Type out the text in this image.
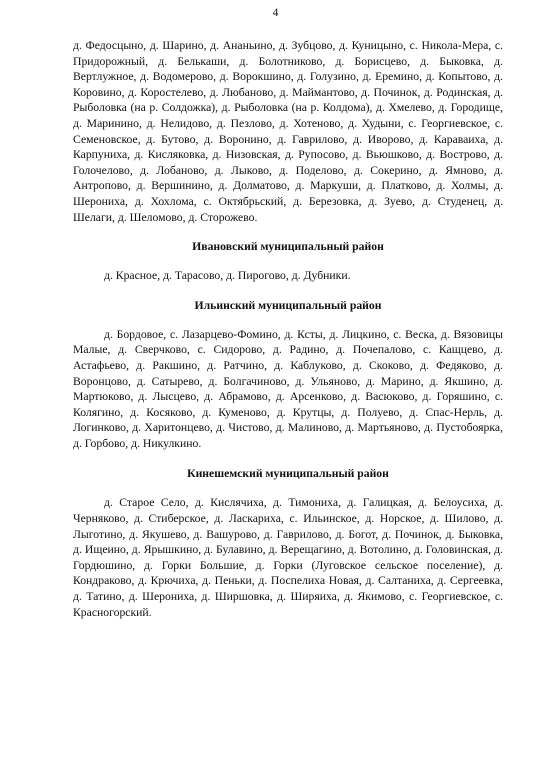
4

д. Федосцыно, д. Шарино, д. Ананьино, д. Зубцово, д. Куницыно, с. Никола-Мера, с. Придорожный, д. Белькаши, д. Болотниково, д. Борисцево, д. Быковка, д. Вертлужное, д. Водомерово, д. Ворокшино, д. Голузино, д. Еремино, д. Копытово, д. Коровино, д. Коростелево, д. Любаново, д. Маймантово, д. Починок, д. Родинская, д. Рыболовка (на р. Солдожка), д. Рыболовка (на р. Колдома), д. Хмелево, д. Городище, д. Маринино, д. Нелидово, д. Пезлово, д. Хотеново, д. Худыни, с. Георгиевское, с. Семеновское, д. Бутово, д. Воронино, д. Гаврилово, д. Иворово, д. Караваиха, д. Карпуниха, д. Кисляковка, д. Низовская, д. Рупосово, д. Вьюшково, д. Вострово, д. Голочелово, д. Лобаново, д. Лыково, д. Поделово, д. Сокерино, д. Ямново, д. Антропово, д. Вершинино, д. Долматово, д. Маркуши, д. Платково, д. Холмы, д. Шерониха, д. Хохлома, с. Октябрьский, д. Березовка, д. Зуево, д. Студенец, д. Шелаги, д. Шеломово, д. Сторожево.

Ивановский муниципальный район

д. Красное, д. Тарасово, д. Пирогово, д. Дубники.

Ильинский муниципальный район

д. Бордовое, с. Лазарцево-Фомино, д. Ксты, д. Лицкино, с. Веска, д. Вязовицы Малые, д. Сверчково, с. Сидорово, д. Радино, д. Почепалово, с. Кащцево, д. Астафьево, д. Ракшино, д. Ратчино, д. Каблуково, д. Скоково, д. Федяково, д. Воронцово, д. Сатырево, д. Болгачиново, д. Ульяново, д. Марино, д. Якшино, д. Мартюково, д. Лысцево, д. Абрамово, д. Арсенково, д. Васюково, д. Горяшино, с. Колягино, д. Косяково, д. Куменово, д. Крутцы, д. Полуево, д. Спас-Нерль, д. Логинково, д. Харитонцево, д. Чистово, д. Малиново, д. Мартьяново, д. Пустобоярка, д. Горбово, д. Никулкино.

Кинешемский муниципальный район

д. Старое Село, д. Кислячиха, д. Тимониха, д. Галицкая, д. Белоусиха, д. Черняково, д. Стиберское, д. Ласкариха, с. Ильинское, д. Норское, д. Шилово, д. Лыготино, д. Якушево, д. Вашурово, д. Гаврилово, д. Богот, д. Починок, д. Быковка, д. Ищеино, д. Ярышкино, д. Булавино, д. Верещагино, д. Вотолино, д. Головинская, д. Гордюшино, д. Горки Большие, д. Горки (Луговское сельское поселение), д. Кондраково, д. Крючиха, д. Пеньки, д. Поспелиха Новая, д. Салтаниха, д. Сергеевка, д. Татино, д. Шерониха, д. Ширшовка, д. Ширяиха, д. Якимово, с. Георгиевское, с. Красногорский.
